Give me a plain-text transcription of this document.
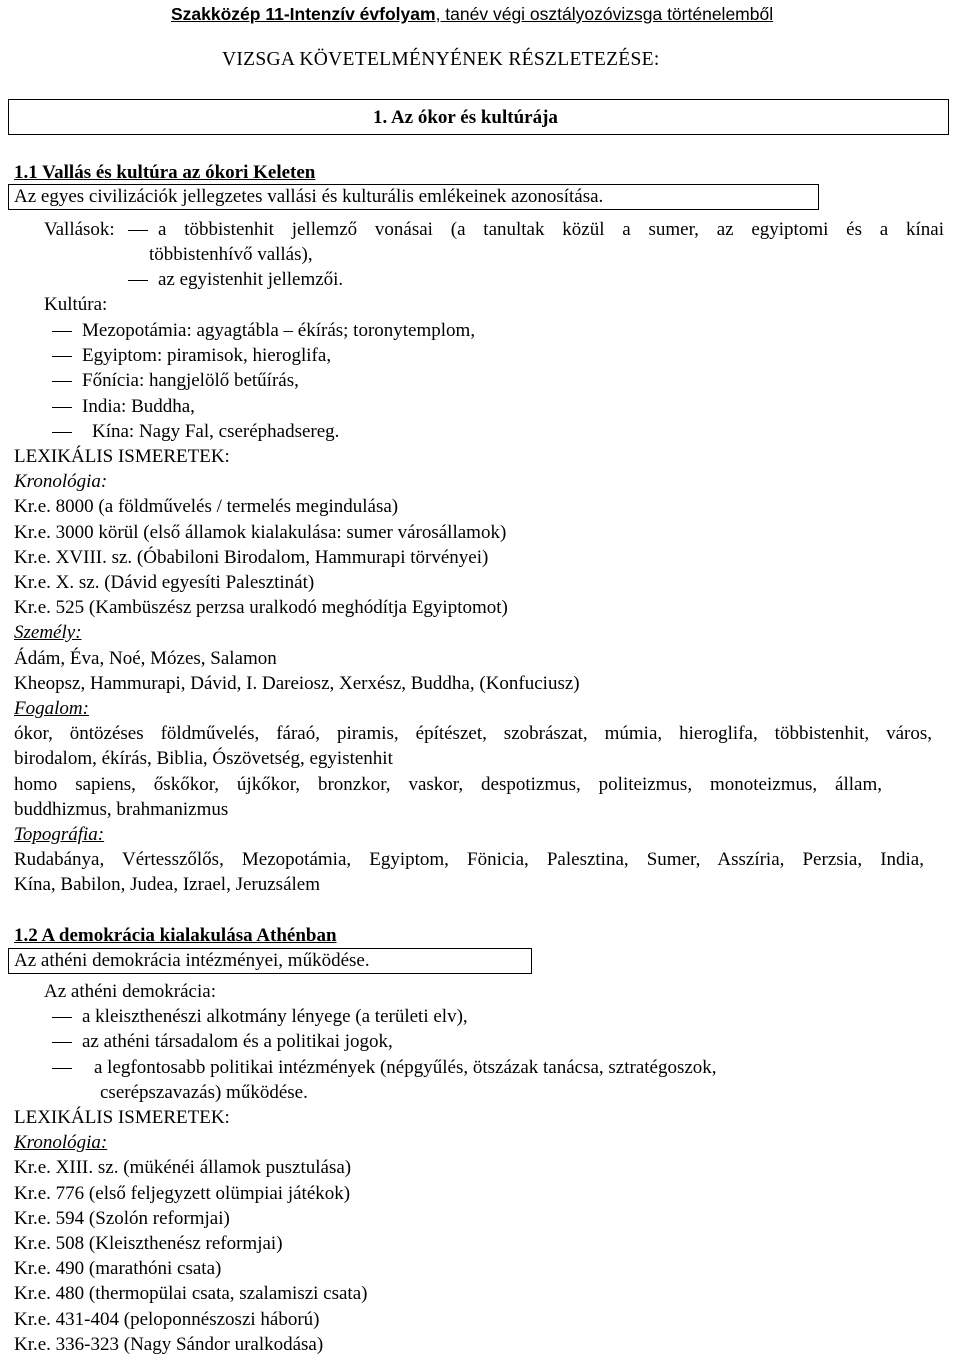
Szakközép 11-Intenzív évfolyam, tanév végi osztályozóvizsga történelemből
VIZSGA KÖVETELMÉNYÉNEK RÉSZLETEZÉSE:
1. Az ókor és kultúrája
1.1 Vallás és kultúra az ókori Keleten
Az egyes civilizációk jellegzetes vallási és kulturális emlékeinek azonosítása.
Vallások:	a többistenhit jellemző vonásai (a tanultak közül a sumer, az egyiptomi és a kínai
többistenhívő vallás),
az egyistenhit jellemzői.
Kultúra:
Mezopotámia: agyagtábla – ékírás; toronytemplom,
Egyiptom: piramisok, hieroglifa,
Főnícia: hangjelölő betűírás,
India: Buddha,
Kína: Nagy Fal, cseréphadsereg.
LEXIKÁLIS ISMERETEK:
Kronológia:
Kr.e. 8000 (a földművelés / termelés megindulása)
Kr.e. 3000 körül (első államok kialakulása: sumer városállamok)
Kr.e. XVIII. sz. (Óbabiloni Birodalom, Hammurapi törvényei)
Kr.e. X. sz. (Dávid egyesíti Palesztinát)
Kr.e. 525 (Kambüszész perzsa uralkodó meghódítja Egyiptomot)
Személy:
Ádám, Éva, Noé, Mózes, Salamon
Kheopsz, Hammurapi, Dávid, I. Dareiosz, Xerxész, Buddha, (Konfuciusz)
Fogalom:
ókor, öntözéses földművelés, fáraó, piramis, építészet, szobrászat, múmia, hieroglifa, többistenhit, város,
birodalom, ékírás, Biblia, Ószövetség, egyistenhit
homo sapiens, őskőkor, újkőkor, bronzkor, vaskor, despotizmus, politeizmus, monoteizmus, állam,
buddhizmus, brahmanizmus
Topográfia:
Rudabánya, Vértesszőlős, Mezopotámia, Egyiptom, Fönicia, Palesztina, Sumer, Asszíria, Perzsia, India,
Kína, Babilon, Judea, Izrael, Jeruzsálem
1.2 A demokrácia kialakulása Athénban
Az athéni demokrácia intézményei, működése.
Az athéni demokrácia:
a kleiszthenészi alkotmány lényege (a területi elv),
az athéni társadalom és a politikai jogok,
a legfontosabb politikai intézmények (népgyűlés, ötszázak tanácsa, sztratégoszok,
cserépszavazás) működése.
LEXIKÁLIS ISMERETEK:
Kronológia:
Kr.e. XIII. sz. (mükénéi államok pusztulása)
Kr.e. 776 (első feljegyzett olümpiai játékok)
Kr.e. 594 (Szolón reformjai)
Kr.e. 508 (Kleiszthenész reformjai)
Kr.e. 490 (marathóni csata)
Kr.e. 480 (thermopülai csata, szalamiszi csata)
Kr.e. 431-404 (peloponnészoszi háború)
Kr.e. 336-323 (Nagy Sándor uralkodása)
